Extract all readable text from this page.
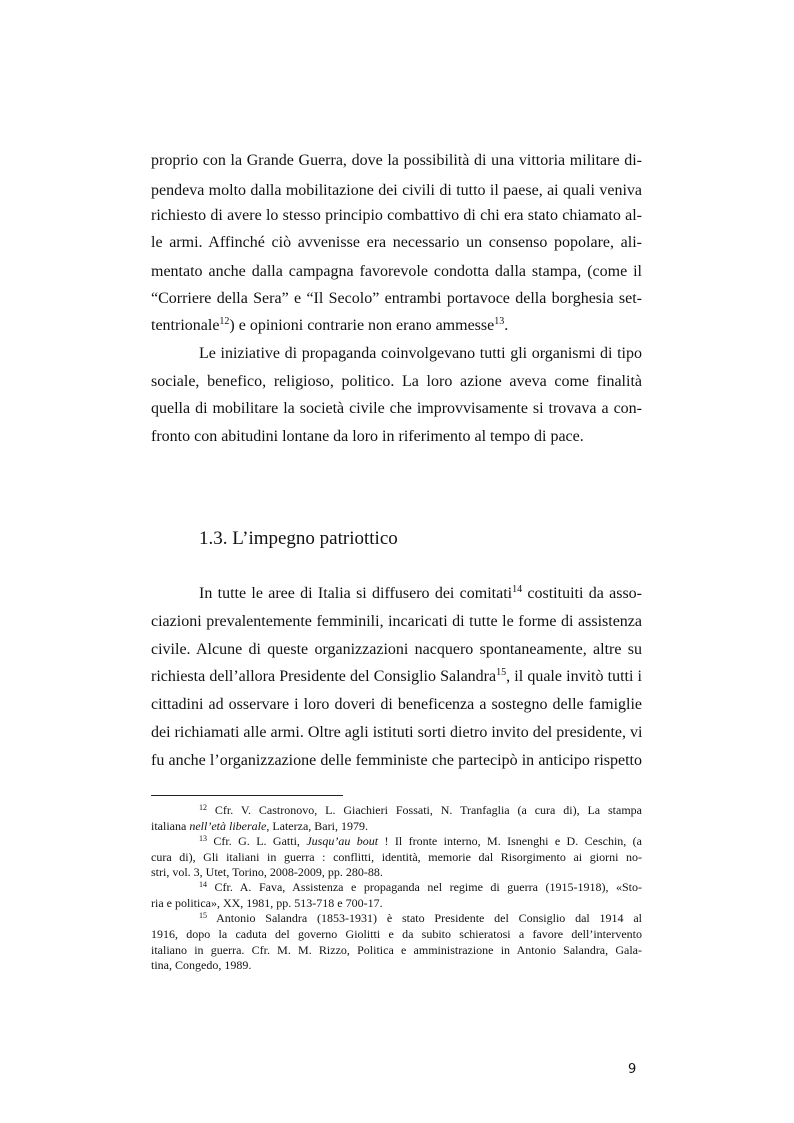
proprio con la Grande Guerra, dove la possibilità di una vittoria militare di-

pendeva molto dalla mobilitazione dei civili di tutto il paese, ai quali veniva

richiesto di avere lo stesso principio combattivo di chi era stato chiamato al-

le armi. Affinché ciò avvenisse era necessario un consenso popolare, ali-

mentato anche dalla campagna favorevole condotta dalla stampa, (come il

“Corriere della Sera” e “Il Secolo” entrambi portavoce della borghesia set-

tentrionale$^{12}$) e opinioni contrarie non erano ammesse$^{13}$.

Le iniziative di propaganda coinvolgevano tutti gli organismi di tipo

sociale, benefico, religioso, politico. La loro azione aveva come finalità

quella di mobilitare la società civile che improvvisamente si trovava a con-

fronto con abitudini lontane da loro in riferimento al tempo di pace.

1.3. L’impegno patriottico

In tutte le aree di Italia si diffusero dei comitati$^{14}$ costituiti da asso-

ciazioni prevalentemente femminili, incaricati di tutte le forme di assistenza

civile. Alcune di queste organizzazioni nacquero spontaneamente, altre su

richiesta dell’allora Presidente del Consiglio Salandra$^{15}$, il quale invitò tutti i

cittadini ad osservare i loro doveri di beneficenza a sostegno delle famiglie

dei richiamati alle armi. Oltre agli istituti sorti dietro invito del presidente, vi

fu anche l’organizzazione delle femministe che partecipò in anticipo rispetto

$^{12}$ Cfr. V. Castronovo, L. Giachieri Fossati, N. Tranfaglia (a cura di), La stampa

italiana nell’età liberale, Laterza, Bari, 1979.

$^{13}$ Cfr. G. L. Gatti, Jusqu’au bout ! Il fronte interno, M. Isnenghi e D. Ceschin, (a

cura di), Gli italiani in guerra : conflitti, identità, memorie dal Risorgimento ai giorni no-

stri, vol. 3, Utet, Torino, 2008-2009, pp. 280-88.

$^{14}$ Cfr. A. Fava, Assistenza e propaganda nel regime di guerra (1915-1918), «Sto-

ria e politica», XX, 1981, pp. 513-718 e 700-17.

$^{15}$ Antonio Salandra (1853-1931) è stato Presidente del Consiglio dal 1914 al

1916, dopo la caduta del governo Giolitti e da subito schieratosi a favore dell’intervento

italiano in guerra. Cfr. M. M. Rizzo, Politica e amministrazione in Antonio Salandra, Gala-

tina, Congedo, 1989.

9
